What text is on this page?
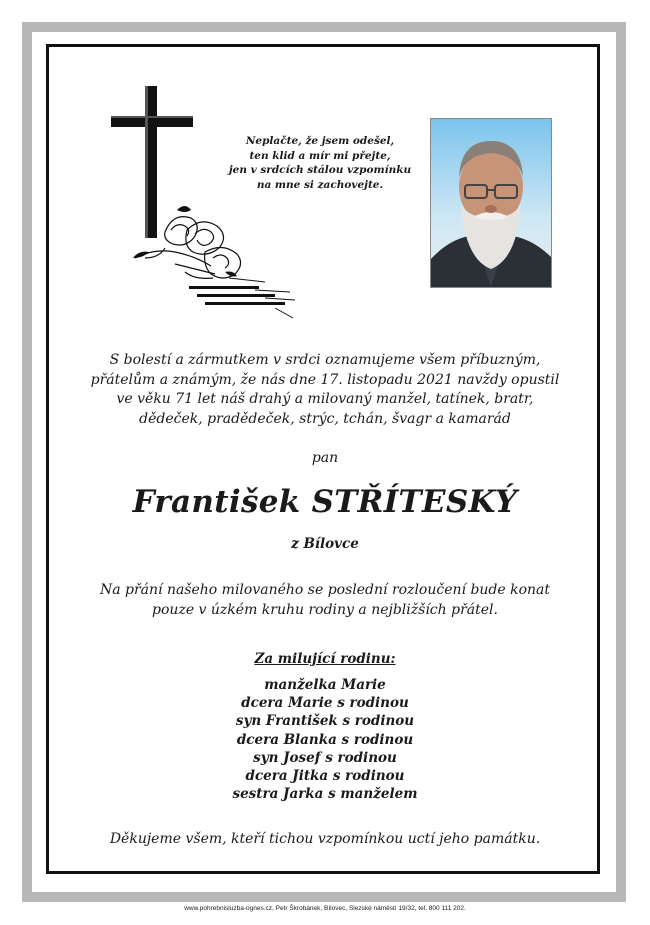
Neplačte, že jsem odešel,
ten klid a mír mi přejte,
jen v srdcích stálou vzpomínku
na mne si zachovejte.
S bolestí a zármutkem v srdci oznamujeme všem příbuzným,
přátelům a známým, že nás dne 17. listopadu 2021 navždy opustil
ve věku 71 let náš drahý a milovaný manžel, tatínek, bratr,
dědeček, pradědeček, strýc, tchán, švagr a kamarád
pan
František STŘÍTESKÝ
z Bílovce
Na přání našeho milovaného se poslední rozloučení bude konat
pouze v úzkém kruhu rodiny a nejbližších přátel.
Za milující rodinu:
manželka Marie
dcera Marie s rodinou
syn František s rodinou
dcera Blanka s rodinou
syn Josef s rodinou
dcera Jitka s rodinou
sestra Jarka s manželem
Děkujeme všem, kteří tichou vzpomínkou uctí jeho památku.
www.pohrebnisluzba-ognes.cz, Petr Škrobánek, Bílovec, Slezské náměstí 19/32, tel. 800 111 202.
